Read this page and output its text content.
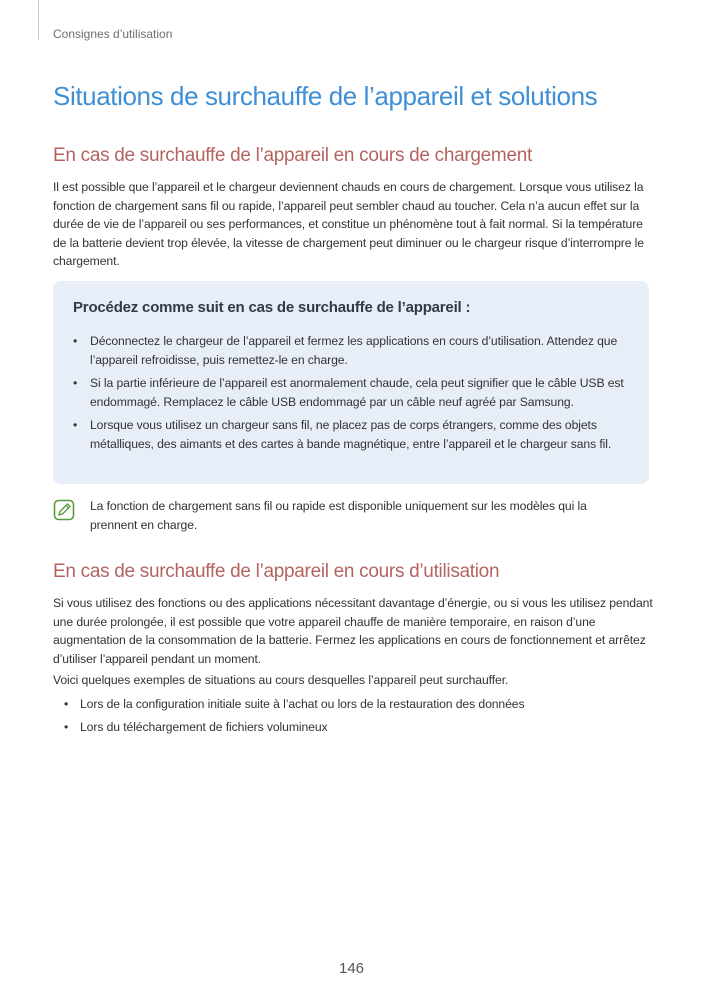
Consignes d’utilisation
Situations de surchauffe de l’appareil et solutions
En cas de surchauffe de l’appareil en cours de chargement

Il est possible que l’appareil et le chargeur deviennent chauds en cours de chargement. Lorsque vous utilisez la fonction de chargement sans fil ou rapide, l’appareil peut sembler chaud au toucher. Cela n’a aucun effet sur la durée de vie de l’appareil ou ses performances, et constitue un phénomène tout à fait normal. Si la température de la batterie devient trop élevée, la vitesse de chargement peut diminuer ou le chargeur risque d’interrompre le chargement.

Procédez comme suit en cas de surchauffe de l’appareil :
• Déconnectez le chargeur de l’appareil et fermez les applications en cours d’utilisation. Attendez que l’appareil refroidisse, puis remettez-le en charge.
• Si la partie inférieure de l’appareil est anormalement chaude, cela peut signifier que le câble USB est endommagé. Remplacez le câble USB endommagé par un câble neuf agréé par Samsung.
• Lorsque vous utilisez un chargeur sans fil, ne placez pas de corps étrangers, comme des objets métalliques, des aimants et des cartes à bande magnétique, entre l’appareil et le chargeur sans fil.

La fonction de chargement sans fil ou rapide est disponible uniquement sur les modèles qui la prennent en charge.

En cas de surchauffe de l’appareil en cours d’utilisation

Si vous utilisez des fonctions ou des applications nécessitant davantage d’énergie, ou si vous les utilisez pendant une durée prolongée, il est possible que votre appareil chauffe de manière temporaire, en raison d’une augmentation de la consommation de la batterie. Fermez les applications en cours de fonctionnement et arrêtez d’utiliser l’appareil pendant un moment.

Voici quelques exemples de situations au cours desquelles l’appareil peut surchauffer.

• Lors de la configuration initiale suite à l’achat ou lors de la restauration des données
• Lors du téléchargement de fichiers volumineux
146
